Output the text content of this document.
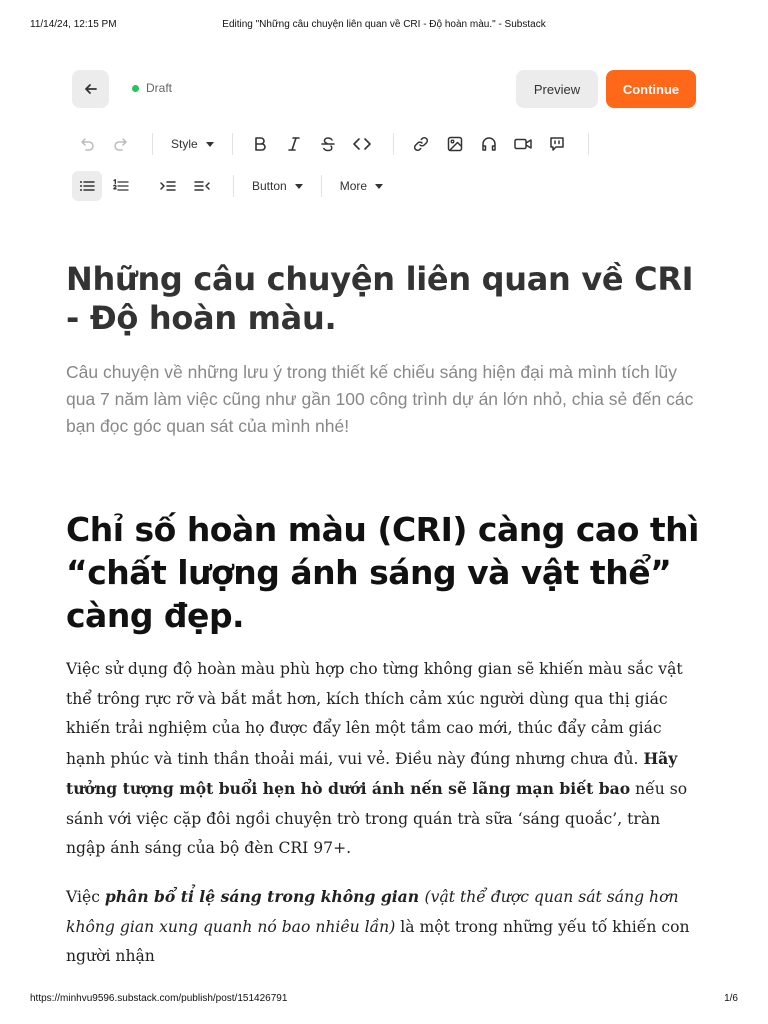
11/14/24, 12:15 PM	Editing "Những câu chuyện liên quan về CRI - Độ hoàn màu." - Substack
Draft	Preview	Continue
Style
Button	More
Những câu chuyện liên quan về CRI - Độ hoàn màu.

Câu chuyện về những lưu ý trong thiết kế chiếu sáng hiện đại mà mình tích lũy qua 7 năm làm việc cũng như gần 100 công trình dự án lớn nhỏ, chia sẻ đến các bạn đọc góc quan sát của mình nhé!

Chỉ số hoàn màu (CRI) càng cao thì “chất lượng ánh sáng và vật thể” càng đẹp.

Việc sử dụng độ hoàn màu phù hợp cho từng không gian sẽ khiến màu sắc vật thể trông rực rỡ và bắt mắt hơn, kích thích cảm xúc người dùng qua thị giác khiến trải nghiệm của họ được đẩy lên một tầm cao mới, thúc đẩy cảm giác hạnh phúc và tinh thần thoải mái, vui vẻ. Điều này đúng nhưng chưa đủ. Hãy tưởng tượng một buổi hẹn hò dưới ánh nến sẽ lãng mạn biết bao nếu so sánh với việc cặp đôi ngồi chuyện trò trong quán trà sữa ‘sáng quoắc’, tràn ngập ánh sáng của bộ đèn CRI 97+.

Việc phân bổ tỉ lệ sáng trong không gian (vật thể được quan sát sáng hơn không gian xung quanh nó bao nhiêu lần) là một trong những yếu tố khiến con người nhận

https://minhvu9596.substack.com/publish/post/151426791	1/6
